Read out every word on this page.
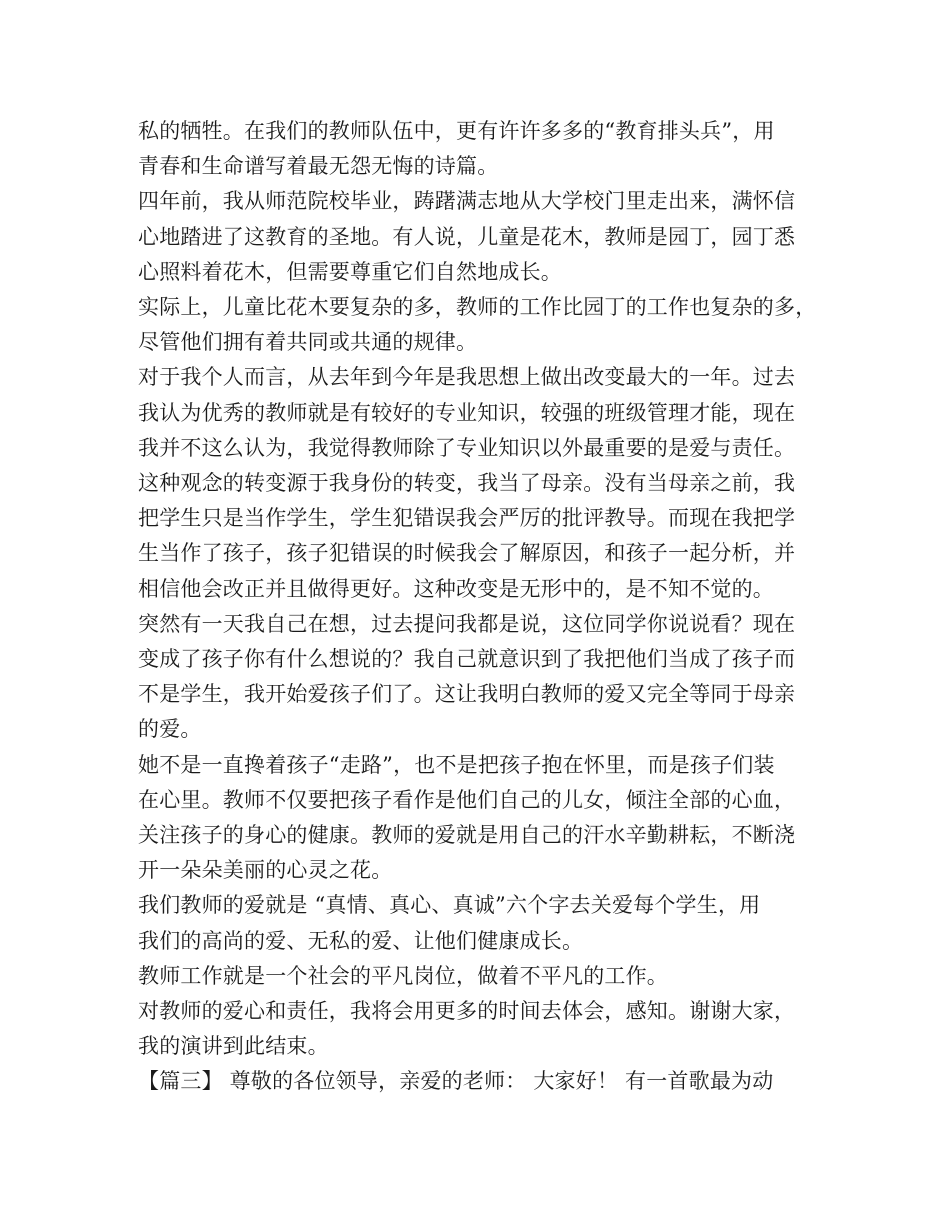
私的牺牲。在我们的教师队伍中，更有许许多多的“教育排头兵”，用
青春和生命谱写着最无怨无悔的诗篇。
四年前，我从师范院校毕业，踌躇满志地从大学校门里走出来，满怀信
心地踏进了这教育的圣地。有人说，儿童是花木，教师是园丁，园丁悉
心照料着花木，但需要尊重它们自然地成长。
实际上，儿童比花木要复杂的多，教师的工作比园丁的工作也复杂的多，
尽管他们拥有着共同或共通的规律。
对于我个人而言，从去年到今年是我思想上做出改变最大的一年。过去
我认为优秀的教师就是有较好的专业知识，较强的班级管理才能，现在
我并不这么认为，我觉得教师除了专业知识以外最重要的是爱与责任。
这种观念的转变源于我身份的转变，我当了母亲。没有当母亲之前，我
把学生只是当作学生，学生犯错误我会严厉的批评教导。而现在我把学
生当作了孩子，孩子犯错误的时候我会了解原因，和孩子一起分析，并
相信他会改正并且做得更好。这种改变是无形中的，是不知不觉的。
突然有一天我自己在想，过去提问我都是说，这位同学你说说看？现在
变成了孩子你有什么想说的？我自己就意识到了我把他们当成了孩子而
不是学生，我开始爱孩子们了。这让我明白教师的爱又完全等同于母亲
的爱。
她不是一直搀着孩子“走路”，也不是把孩子抱在怀里，而是孩子们装
在心里。教师不仅要把孩子看作是他们自己的儿女，倾注全部的心血，
关注孩子的身心的健康。教师的爱就是用自己的汗水辛勤耕耘，不断浇
开一朵朵美丽的心灵之花。
我们教师的爱就是 “真情、真心、真诚”六个字去关爱每个学生，用
我们的高尚的爱、无私的爱、让他们健康成长。
教师工作就是一个社会的平凡岗位，做着不平凡的工作。
对教师的爱心和责任，我将会用更多的时间去体会，感知。谢谢大家，
我的演讲到此结束。
【篇三】 尊敬的各位领导，亲爱的老师： 大家好！ 有一首歌最为动
